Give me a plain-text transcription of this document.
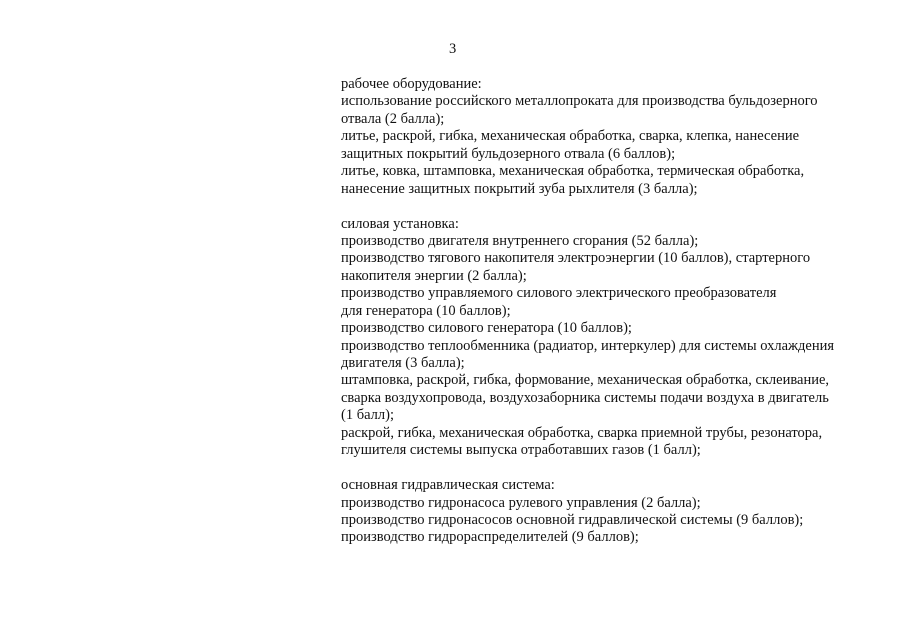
3
рабочее оборудование:
использование российского металлопроката для производства бульдозерного
отвала (2 балла);
литье, раскрой, гибка, механическая обработка, сварка, клепка, нанесение
защитных покрытий бульдозерного отвала (6 баллов);
литье, ковка, штамповка, механическая обработка, термическая обработка,
нанесение защитных покрытий зуба рыхлителя (3 балла);
силовая установка:
производство двигателя внутреннего сгорания (52 балла);
производство тягового накопителя электроэнергии (10 баллов), стартерного
накопителя энергии (2 балла);
производство управляемого силового электрического преобразователя
для генератора (10 баллов);
производство силового генератора (10 баллов);
производство теплообменника (радиатор, интеркулер) для системы охлаждения
двигателя (3 балла);
штамповка, раскрой, гибка, формование, механическая обработка, склеивание,
сварка воздухопровода, воздухозаборника системы подачи воздуха в двигатель
(1 балл);
раскрой, гибка, механическая обработка, сварка приемной трубы, резонатора,
глушителя системы выпуска отработавших газов (1 балл);
основная гидравлическая система:
производство гидронасоса рулевого управления (2 балла);
производство гидронасосов основной гидравлической системы (9 баллов);
производство гидрораспределителей (9 баллов);
